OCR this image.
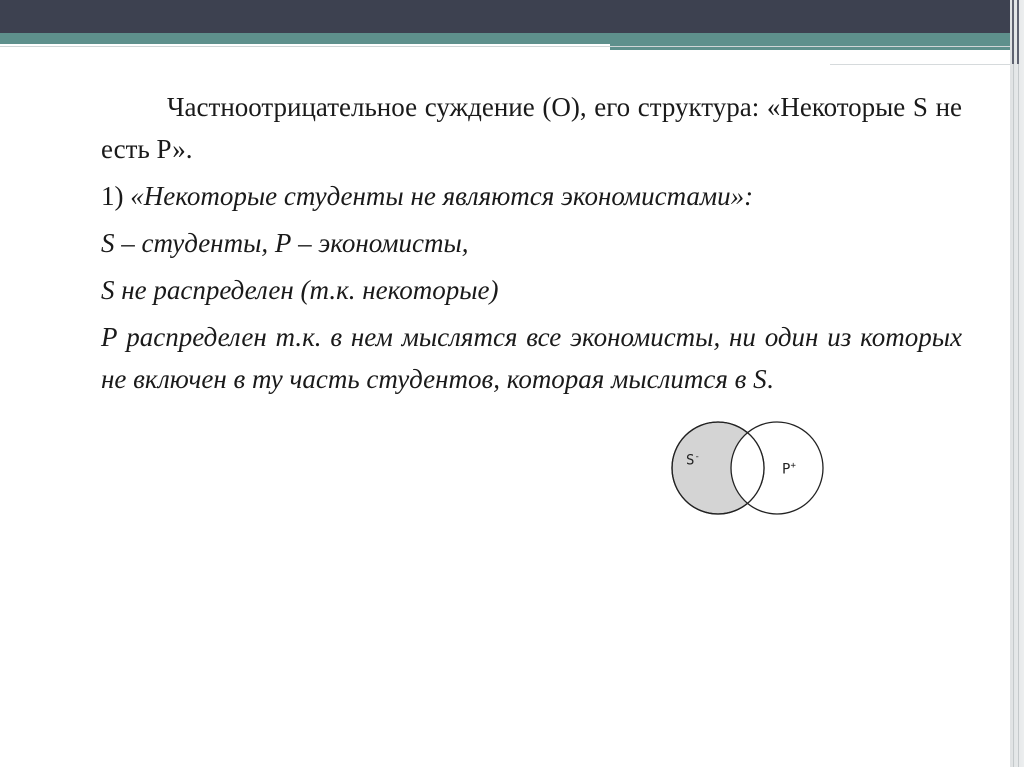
Частноотрицательное суждение (О), его структура: «Некоторые S не есть Р».

1) «Некоторые студенты не являются экономистами»:

S – студенты, Р – экономисты,

S не распределен (т.к. некоторые)

Р распределен т.к. в нем мыслятся все экономисты, ни один из которых не включен в ту часть студентов, которая мыслится в S.

S-
P+
